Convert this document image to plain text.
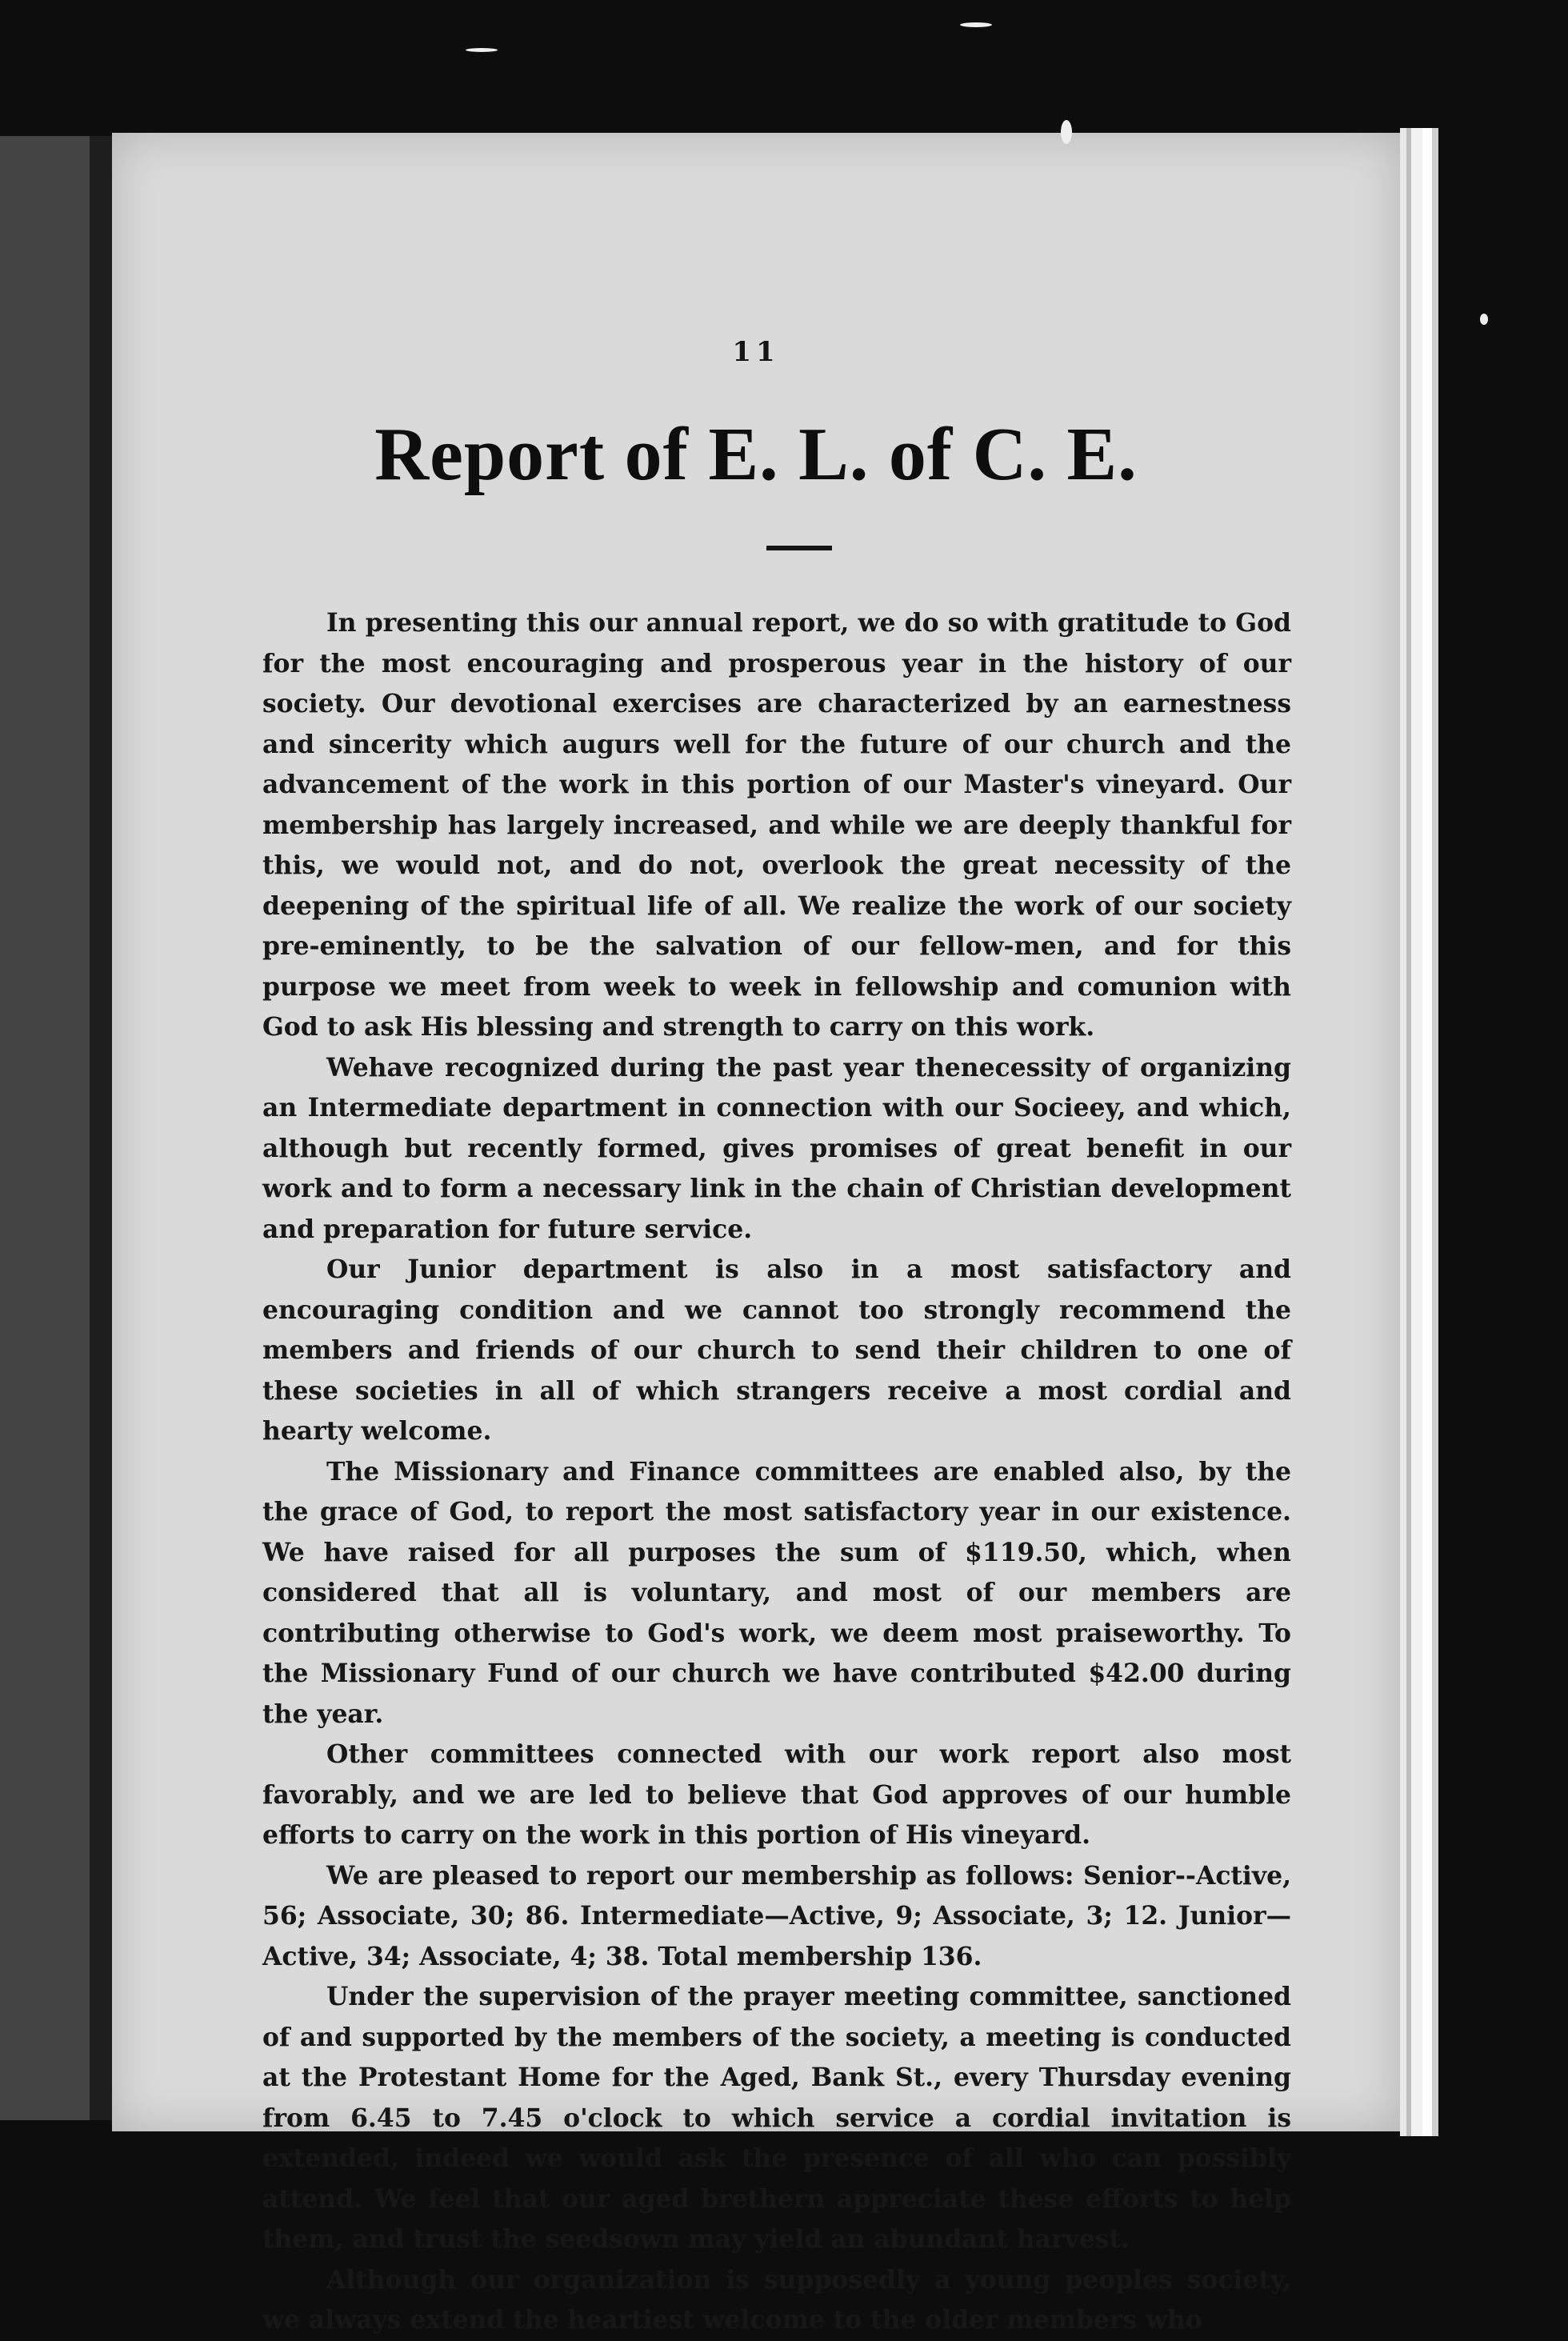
11
Report of E. L. of C. E.

In presenting this our annual report, we do so with gratitude to God for the most encouraging and prosperous year in the history of our society. Our devotional exercises are characterized by an earnestness and sincerity which augurs well for the future of our church and the advancement of the work in this portion of our Master's vineyard. Our membership has largely increased, and while we are deeply thankful for this, we would not, and do not, overlook the great necessity of the deepening of the spiritual life of all. We realize the work of our society pre-eminently, to be the salvation of our fellow-men, and for this purpose we meet from week to week in fellowship and comunion with God to ask His blessing and strength to carry on this work.

Wehave recognized during the past year thenecessity of organizing an Intermediate department in connection with our Socieey, and which, although but recently formed, gives promises of great benefit in our work and to form a necessary link in the chain of Christian development and preparation for future service.

Our Junior department is also in a most satisfactory and encouraging condition and we cannot too strongly recommend the members and friends of our church to send their children to one of these societies in all of which strangers receive a most cordial and hearty welcome.

The Missionary and Finance committees are enabled also, by the the grace of God, to report the most satisfactory year in our existence. We have raised for all purposes the sum of $119.50, which, when considered that all is voluntary, and most of our members are contributing otherwise to God's work, we deem most praiseworthy. To the Missionary Fund of our church we have contributed $42.00 during the year.

Other committees connected with our work report also most favorably, and we are led to believe that God approves of our humble efforts to carry on the work in this portion of His vineyard.

We are pleased to report our membership as follows: Senior--Active, 56; Associate, 30; 86. Intermediate—Active, 9; Associate, 3; 12. Junior—Active, 34; Associate, 4; 38. Total membership 136.

Under the supervision of the prayer meeting committee, sanctioned of and supported by the members of the society, a meeting is conducted at the Protestant Home for the Aged, Bank St., every Thursday evening from 6.45 to 7.45 o'clock to which service a cordial invitation is extended, indeed we would ask the presence of all who can possibly attend. We feel that our aged brethern appreciate these efforts to help them, and trust the seedsown may yield an abundant harvest.

Although our organization is supposedly a young peoples society, we always extend the heartiest welcome to the older members who
